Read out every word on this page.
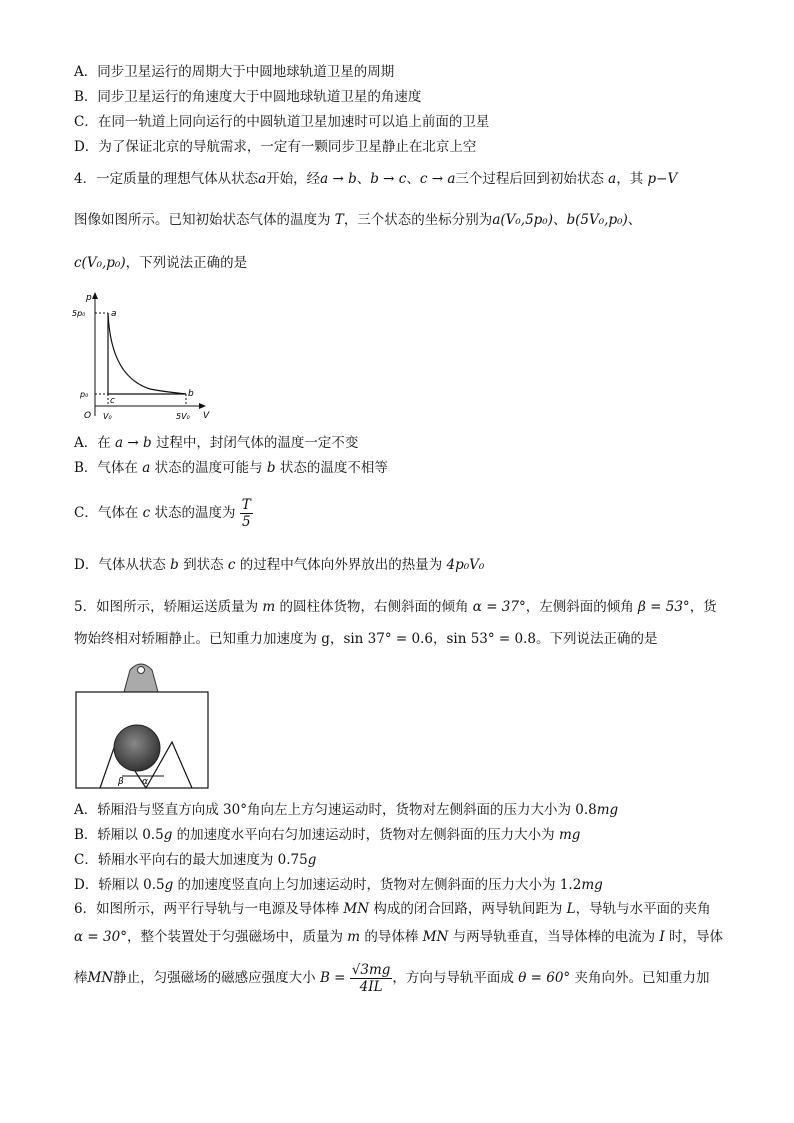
A．同步卫星运行的周期大于中圆地球轨道卫星的周期
B．同步卫星运行的角速度大于中圆地球轨道卫星的角速度
C．在同一轨道上同向运行的中圆轨道卫星加速时可以追上前面的卫星
D．为了保证北京的导航需求，一定有一颗同步卫星静止在北京上空
4．一定质量的理想气体从状态a开始，经a → b、b → c、c → a三个过程后回到初始状态 a，其 p−V
图像如图所示。已知初始状态气体的温度为 T，三个状态的坐标分别为a(V₀,5p₀)、b(5V₀,p₀)、
c(V₀,p₀)，下列说法正确的是
p
V
5p₀
p₀
O V₀	5V₀
a
b
c
A．在 a → b 过程中，封闭气体的温度一定不变
B．气体在 a 状态的温度可能与 b 状态的温度不相等
C．气体在 c 状态的温度为 $\frac{T}{5}$
D．气体从状态 b 到状态 c 的过程中气体向外界放出的热量为 4p₀V₀
5．如图所示，轿厢运送质量为 m 的圆柱体货物，右侧斜面的倾角 α = 37°，左侧斜面的倾角 β = 53°，货
物始终相对轿厢静止。已知重力加速度为 g，sin 37° = 0.6，sin 53° = 0.8。下列说法正确的是
β α
A．轿厢沿与竖直方向成 30°角向左上方匀速运动时，货物对左侧斜面的压力大小为 0.8mg
B．轿厢以 0.5g 的加速度水平向右匀加速运动时，货物对左侧斜面的压力大小为 mg
C．轿厢水平向右的最大加速度为 0.75g
D．轿厢以 0.5g 的加速度竖直向上匀加速运动时，货物对左侧斜面的压力大小为 1.2mg
6．如图所示，两平行导轨与一电源及导体棒 MN 构成的闭合回路，两导轨间距为 L，导轨与水平面的夹角
α = 30°，整个装置处于匀强磁场中，质量为 m 的导体棒 MN 与两导轨垂直，当导体棒的电流为 I 时，导体
棒MN静止，匀强磁场的磁感应强度大小 $B = \frac{√3mg}{4IL}$ ，方向与导轨平面成 θ = 60° 夹角向外。已知重力加
